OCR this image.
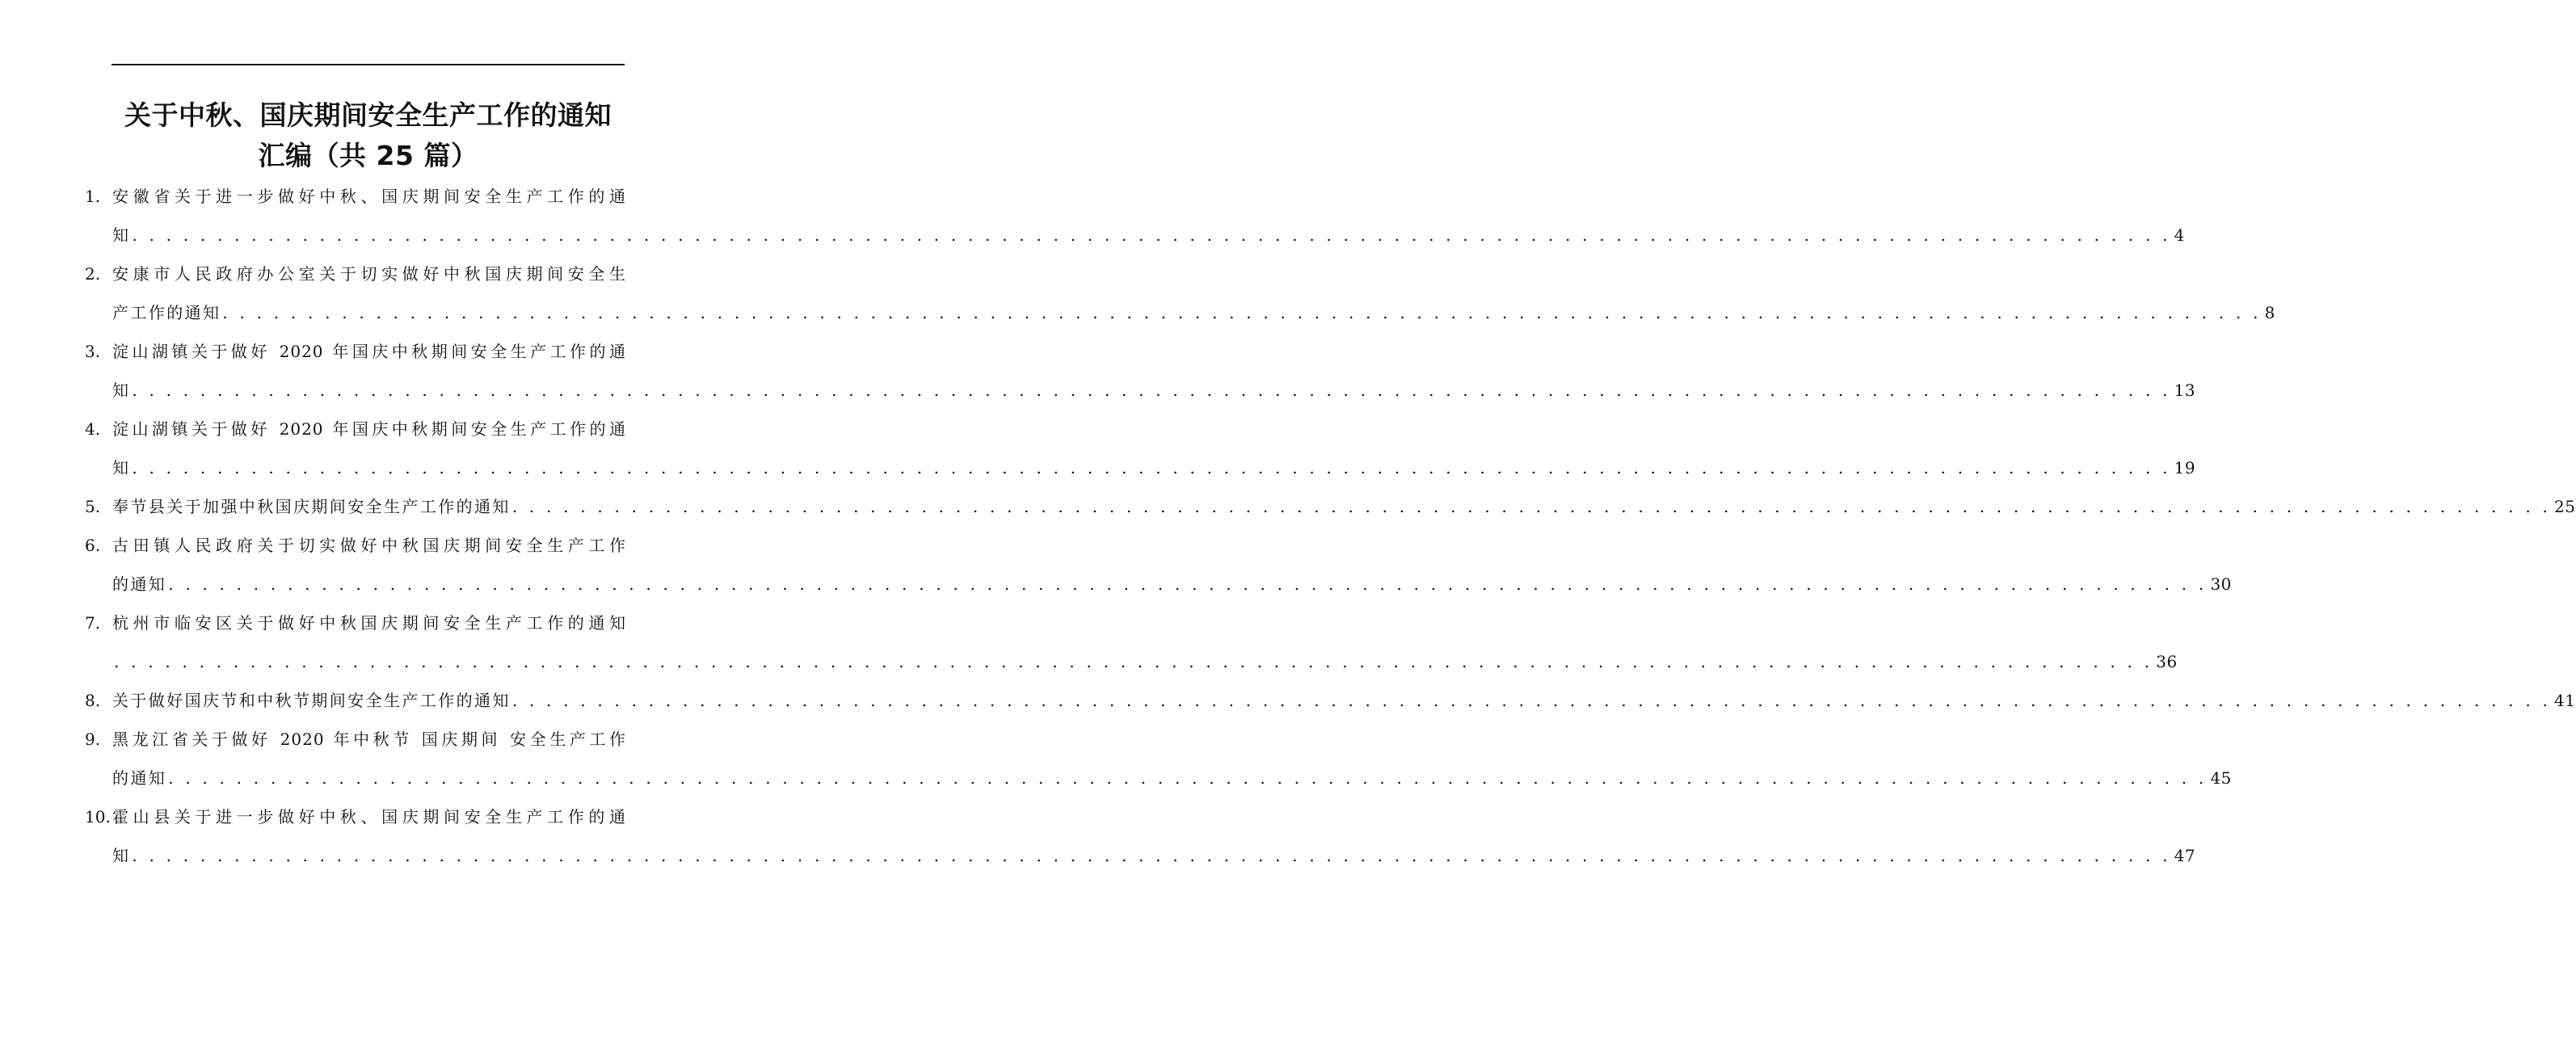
关于中秋、国庆期间安全生产工作的通知
汇编（共 25 篇）
1. 安徽省关于进一步做好中秋、国庆期间安全生产工作的通
知 . . . . . . . . . . . . . . . . . . . . . . . . . . . . . . . . . . . . . . . . . . . . . . . . . . . . . . . . . . . . . . . . . . . . . . . . . . . . . . . . . . . . . . . . . . . . . . . . . . . . . . . . . . . . . . . . . . . . . . . . 4
2. 安康市人民政府办公室关于切实做好中秋国庆期间安全生
产工作的通知 . . . . . . . . . . . . . . . . . . . . . . . . . . . . . . . . . . . . . . . . . . . . . . . . . . . . . . . . . . . . . . . . . . . . . . . . . . . . . . . . . . . . . . . . . . . . . . . . . . . . . . . . . . . . . . . . . . . . . . . . 8
3. 淀山湖镇关于做好 2020 年国庆中秋期间安全生产工作的通
知 . . . . . . . . . . . . . . . . . . . . . . . . . . . . . . . . . . . . . . . . . . . . . . . . . . . . . . . . . . . . . . . . . . . . . . . . . . . . . . . . . . . . . . . . . . . . . . . . . . . . . . . . . . . . . . . . . . . . . . . . 13
4. 淀山湖镇关于做好 2020 年国庆中秋期间安全生产工作的通
知 . . . . . . . . . . . . . . . . . . . . . . . . . . . . . . . . . . . . . . . . . . . . . . . . . . . . . . . . . . . . . . . . . . . . . . . . . . . . . . . . . . . . . . . . . . . . . . . . . . . . . . . . . . . . . . . . . . . . . . . . 19
5. 奉节县关于加强中秋国庆期间安全生产工作的通知 . . . . . . . . . . . . . . . . . . . . . . . . . . . . . . . . . . . . . . . . . . . . . . . . . . . . . . . . . . . . . . . . . . . . . . . . . . . . . . . . . . . . . . . . . . . . . . . . . . . . . . . . . . . . . . . . . . . . . . . . 25
6. 古田镇人民政府关于切实做好中秋国庆期间安全生产工作
的通知 . . . . . . . . . . . . . . . . . . . . . . . . . . . . . . . . . . . . . . . . . . . . . . . . . . . . . . . . . . . . . . . . . . . . . . . . . . . . . . . . . . . . . . . . . . . . . . . . . . . . . . . . . . . . . . . . . . . . . . . . 30
7. 杭州市临安区关于做好中秋国庆期间安全生产工作的通知
. . . . . . . . . . . . . . . . . . . . . . . . . . . . . . . . . . . . . . . . . . . . . . . . . . . . . . . . . . . . . . . . . . . . . . . . . . . . . . . . . . . . . . . . . . . . . . . . . . . . . . . . . . . . . . . . . . . . . . . . 36
8. 关于做好国庆节和中秋节期间安全生产工作的通知 . . . . . . . . . . . . . . . . . . . . . . . . . . . . . . . . . . . . . . . . . . . . . . . . . . . . . . . . . . . . . . . . . . . . . . . . . . . . . . . . . . . . . . . . . . . . . . . . . . . . . . . . . . . . . . . . . . . . . . . . 41
9. 黑龙江省关于做好 2020 年中秋节 国庆期间 安全生产工作
的通知 . . . . . . . . . . . . . . . . . . . . . . . . . . . . . . . . . . . . . . . . . . . . . . . . . . . . . . . . . . . . . . . . . . . . . . . . . . . . . . . . . . . . . . . . . . . . . . . . . . . . . . . . . . . . . . . . . . . . . . . . 45
10. 霍山县关于进一步做好中秋、国庆期间安全生产工作的通
知 . . . . . . . . . . . . . . . . . . . . . . . . . . . . . . . . . . . . . . . . . . . . . . . . . . . . . . . . . . . . . . . . . . . . . . . . . . . . . . . . . . . . . . . . . . . . . . . . . . . . . . . . . . . . . . . . . . . . . . . . 47
